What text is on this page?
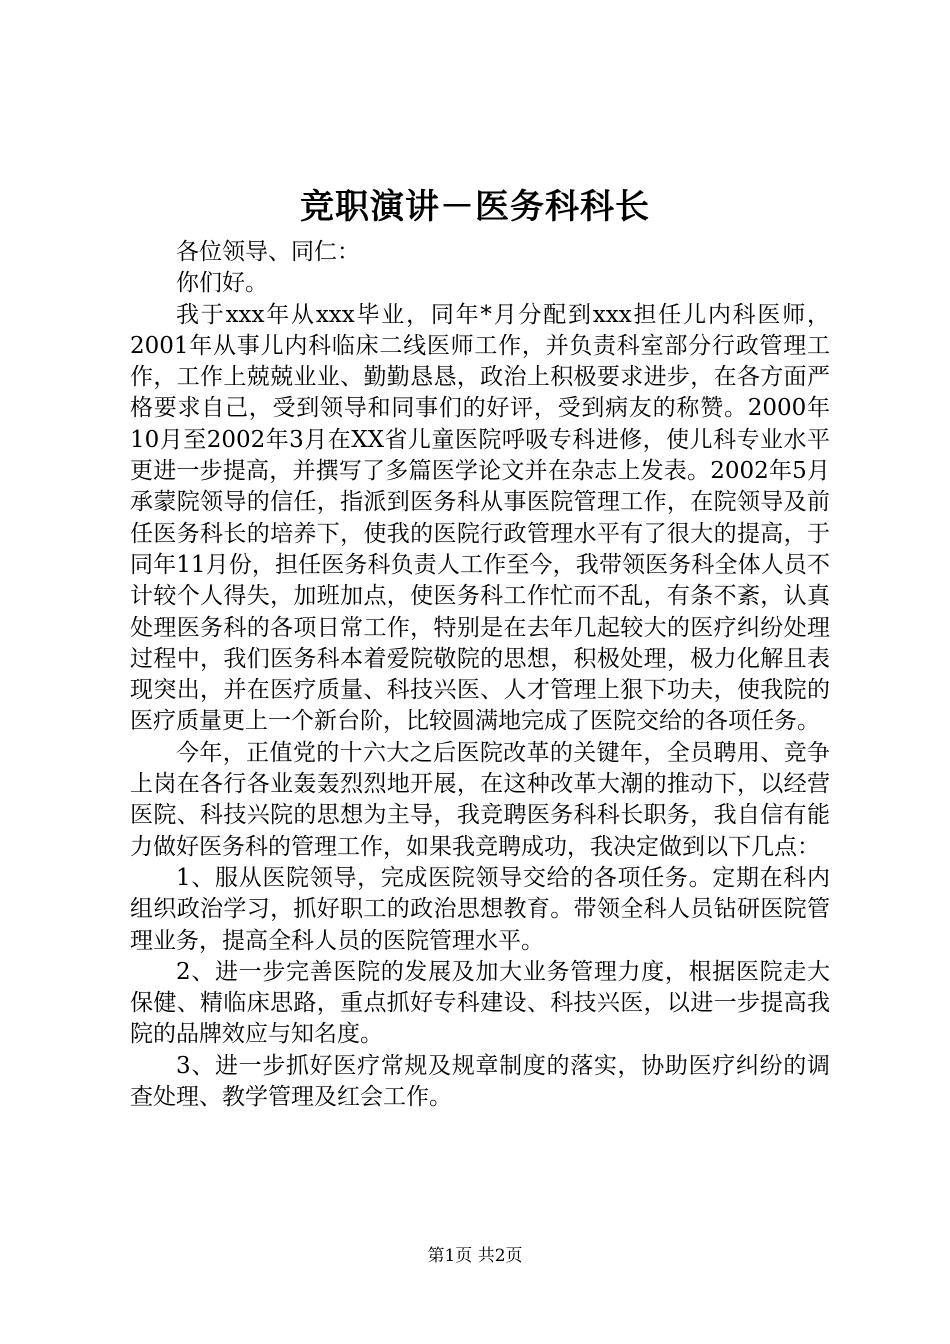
竞职演讲－医务科科长

各位领导、同仁：

你们好。

我于xxx年从xxx毕业，同年*月分配到xxx担任儿内科医师，2001年从事儿内科临床二线医师工作，并负责科室部分行政管理工作，工作上兢兢业业、勤勤恳恳，政治上积极要求进步，在各方面严格要求自己，受到领导和同事们的好评，受到病友的称赞。2000年10月至2002年3月在XX省儿童医院呼吸专科进修，使儿科专业水平更进一步提高，并撰写了多篇医学论文并在杂志上发表。2002年5月承蒙院领导的信任，指派到医务科从事医院管理工作，在院领导及前任医务科长的培养下，使我的医院行政管理水平有了很大的提高，于同年11月份，担任医务科负责人工作至今，我带领医务科全体人员不计较个人得失，加班加点，使医务科工作忙而不乱，有条不紊，认真处理医务科的各项日常工作，特别是在去年几起较大的医疗纠纷处理过程中，我们医务科本着爱院敬院的思想，积极处理，极力化解且表现突出，并在医疗质量、科技兴医、人才管理上狠下功夫，使我院的医疗质量更上一个新台阶，比较圆满地完成了医院交给的各项任务。

今年，正值党的十六大之后医院改革的关键年，全员聘用、竞争上岗在各行各业轰轰烈烈地开展，在这种改革大潮的推动下，以经营医院、科技兴院的思想为主导，我竞聘医务科科长职务，我自信有能力做好医务科的管理工作，如果我竞聘成功，我决定做到以下几点：

1、服从医院领导，完成医院领导交给的各项任务。定期在科内组织政治学习，抓好职工的政治思想教育。带领全科人员钻研医院管理业务，提高全科人员的医院管理水平。

2、进一步完善医院的发展及加大业务管理力度，根据医院走大保健、精临床思路，重点抓好专科建设、科技兴医，以进一步提高我院的品牌效应与知名度。

3、进一步抓好医疗常规及规章制度的落实，协助医疗纠纷的调查处理、教学管理及红会工作。

第1页 共2页
